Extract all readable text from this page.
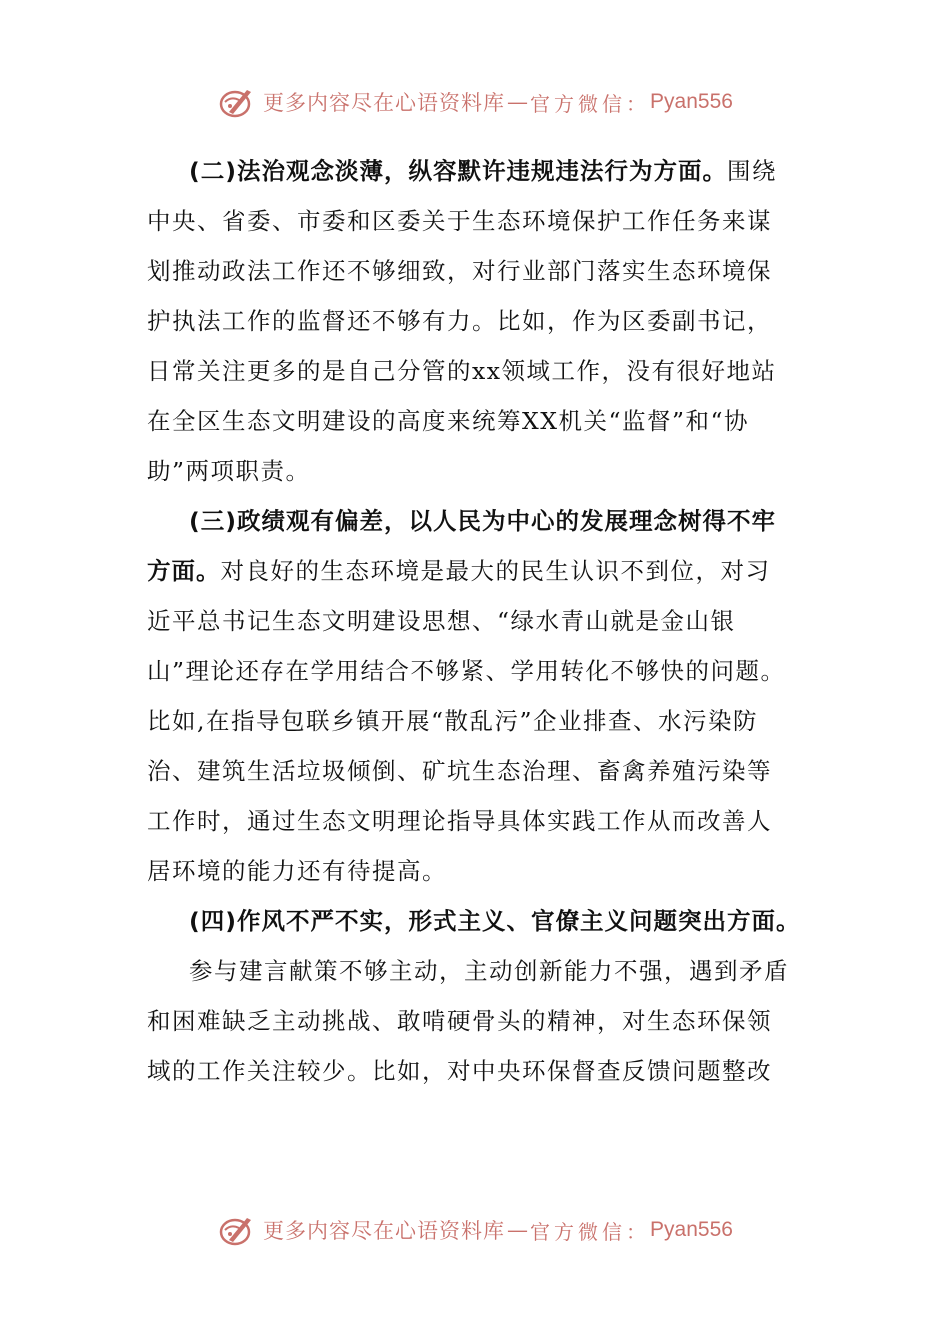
更多内容尽在心语资料库 — 官方微信： Pyan556
(二)法治观念淡薄，纵容默许违规违法行为方面。围绕
中央、省委、市委和区委关于生态环境保护工作任务来谋
划推动政法工作还不够细致，对行业部门落实生态环境保
护执法工作的监督还不够有力。比如，作为区委副书记，
日常关注更多的是自己分管的xx领域工作，没有很好地站
在全区生态文明建设的高度来统筹XX机关“监督”和“协
助”两项职责。
(三)政绩观有偏差，以人民为中心的发展理念树得不牢
方面。对良好的生态环境是最大的民生认识不到位，对习
近平总书记生态文明建设思想、“绿水青山就是金山银
山”理论还存在学用结合不够紧、学用转化不够快的问题。
比如,在指导包联乡镇开展“散乱污”企业排查、水污染防
治、建筑生活垃圾倾倒、矿坑生态治理、畜禽养殖污染等
工作时，通过生态文明理论指导具体实践工作从而改善人
居环境的能力还有待提高。
(四)作风不严不实，形式主义、官僚主义问题突出方面。
参与建言献策不够主动，主动创新能力不强，遇到矛盾
和困难缺乏主动挑战、敢啃硬骨头的精神，对生态环保领
域的工作关注较少。比如，对中央环保督查反馈问题整改
更多内容尽在心语资料库 — 官方微信： Pyan556
